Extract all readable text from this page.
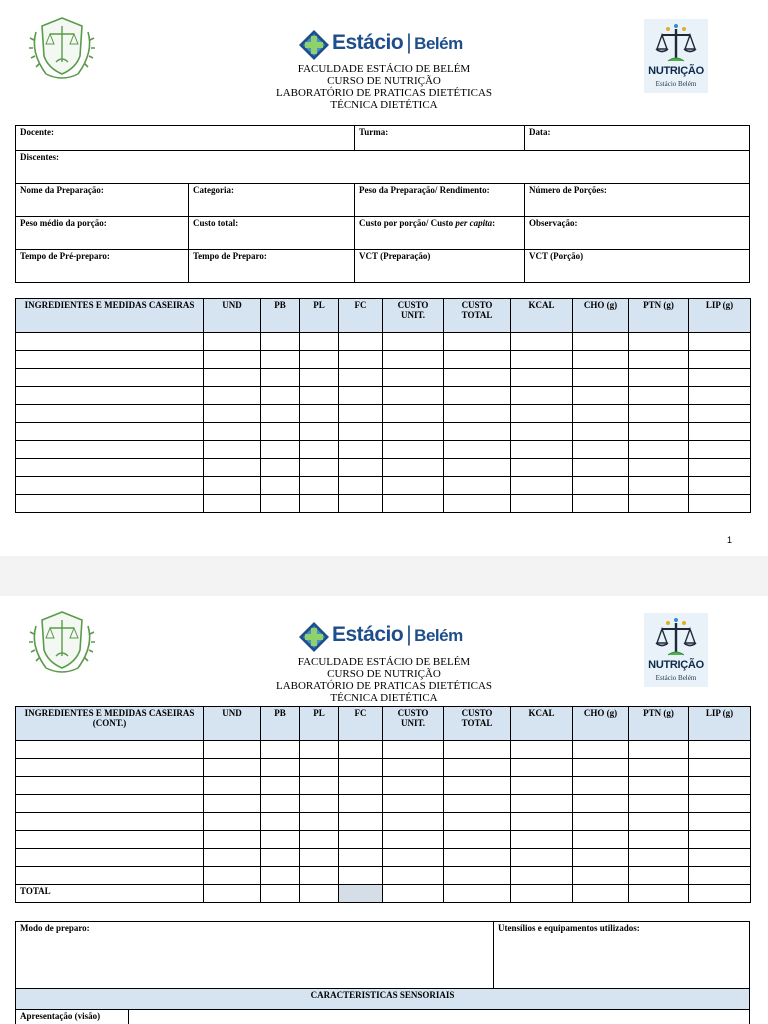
Estácio | Belém
FACULDADE ESTÁCIO DE BELÉM
CURSO DE NUTRIÇÃO
LABORATÓRIO DE PRATICAS DIETÉTICAS
TÉCNICA DIETÉTICA
NUTRIÇÃO
Estácio Belém
Docente:		Turma:	Data:
Discentes:			
Nome da Preparação:	Categoria:	Peso da Preparação/ Rendimento:	Número de Porções:
Peso médio da porção:	Custo total:	Custo por porção/ Custo per capita:	Observação:
Tempo de Pré-preparo:	Tempo de Preparo:	VCT (Preparação)	VCT (Porção)
INGREDIENTES E MEDIDAS CASEIRAS	UND	PB	PL	FC	CUSTO UNIT.	CUSTO TOTAL	KCAL	CHO (g)	PTN (g)	LIP (g)

1
Estácio | Belém
FACULDADE ESTÁCIO DE BELÉM
CURSO DE NUTRIÇÃO
LABORATÓRIO DE PRATICAS DIETÉTICAS
TÉCNICA DIETÉTICA
NUTRIÇÃO
Estácio Belém
INGREDIENTES E MEDIDAS CASEIRAS (CONT.)	UND	PB	PL	FC	CUSTO UNIT.	CUSTO TOTAL	KCAL	CHO (g)	PTN (g)	LIP (g)

TOTAL										
Modo de preparo:		Utensílios e equipamentos utilizados:
CARACTERISTICAS SENSORIAIS		
Apresentação (visão)		
